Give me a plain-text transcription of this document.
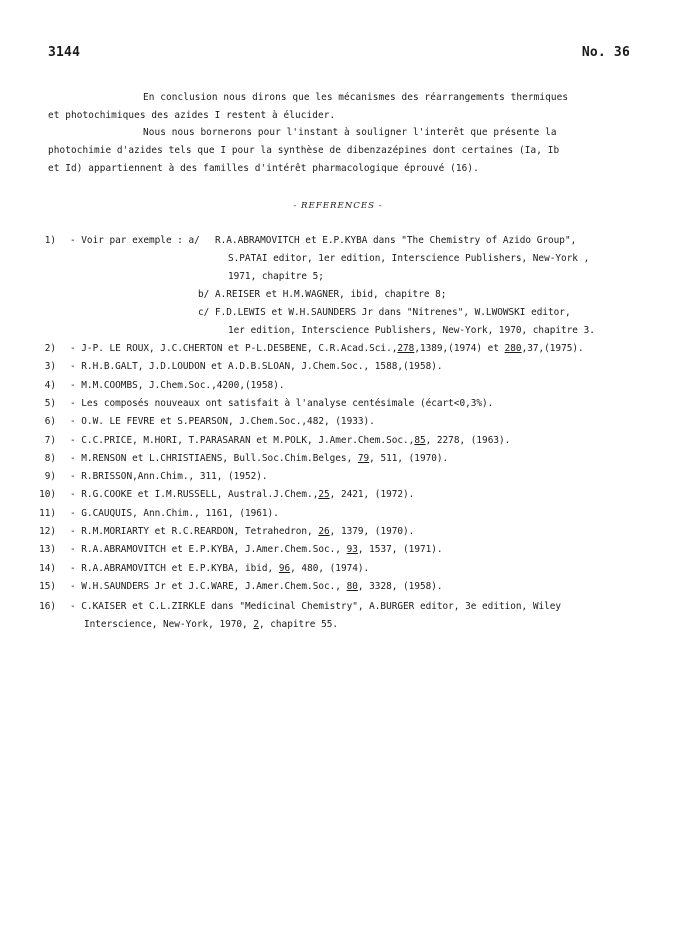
3144	No. 36
En conclusion nous dirons que les mécanismes des réarrangements thermiques
et photochimiques des azides I restent à élucider.
Nous nous bornerons pour l'instant à souligner l'interêt que présente la
photochimie d'azides tels que I pour la synthèse de dibenzazépines dont certaines (Ia, Ib
et Id) appartiennent à des familles d'intérêt pharmacologique éprouvé (16).
- REFERENCES -
1) - Voir par exemple : a/ R.A.ABRAMOVITCH et E.P.KYBA dans "The Chemistry of Azido Group",
S.PATAI editor, 1er edition, Interscience Publishers, New-York ,
1971, chapitre 5;
b/ A.REISER et H.M.WAGNER, ibid, chapitre 8;
c/ F.D.LEWIS et W.H.SAUNDERS Jr dans "Nitrenes", W.LWOWSKI editor,
1er edition, Interscience Publishers, New-York, 1970, chapitre 3.
2) - J-P. LE ROUX, J.C.CHERTON et P-L.DESBENE, C.R.Acad.Sci.,278,1389,(1974) et 280,37,(1975).
3) - R.H.B.GALT, J.D.LOUDON et A.D.B.SLOAN, J.Chem.Soc., 1588,(1958).
4) - M.M.COOMBS, J.Chem.Soc.,4200,(1958).
5) - Les composés nouveaux ont satisfait à l'analyse centésimale (écart<0,3%).
6) - O.W. LE FEVRE et S.PEARSON, J.Chem.Soc.,482, (1933).
7) - C.C.PRICE, M.HORI, T.PARASARAN et M.POLK, J.Amer.Chem.Soc.,85, 2278, (1963).
8) - M.RENSON et L.CHRISTIAENS, Bull.Soc.Chim.Belges, 79, 511, (1970).
9) - R.BRISSON,Ann.Chim., 311, (1952).
10) - R.G.COOKE et I.M.RUSSELL, Austral.J.Chem.,25, 2421, (1972).
11) - G.CAUQUIS, Ann.Chim., 1161, (1961).
12) - R.M.MORIARTY et R.C.REARDON, Tetrahedron, 26, 1379, (1970).
13) - R.A.ABRAMOVITCH et E.P.KYBA, J.Amer.Chem.Soc., 93, 1537, (1971).
14) - R.A.ABRAMOVITCH et E.P.KYBA, ibid, 96, 480, (1974).
15) - W.H.SAUNDERS Jr et J.C.WARE, J.Amer.Chem.Soc., 80, 3328, (1958).
16) - C.KAISER et C.L.ZIRKLE dans "Medicinal Chemistry", A.BURGER editor, 3e edition, Wiley
Interscience, New-York, 1970, 2, chapitre 55.
